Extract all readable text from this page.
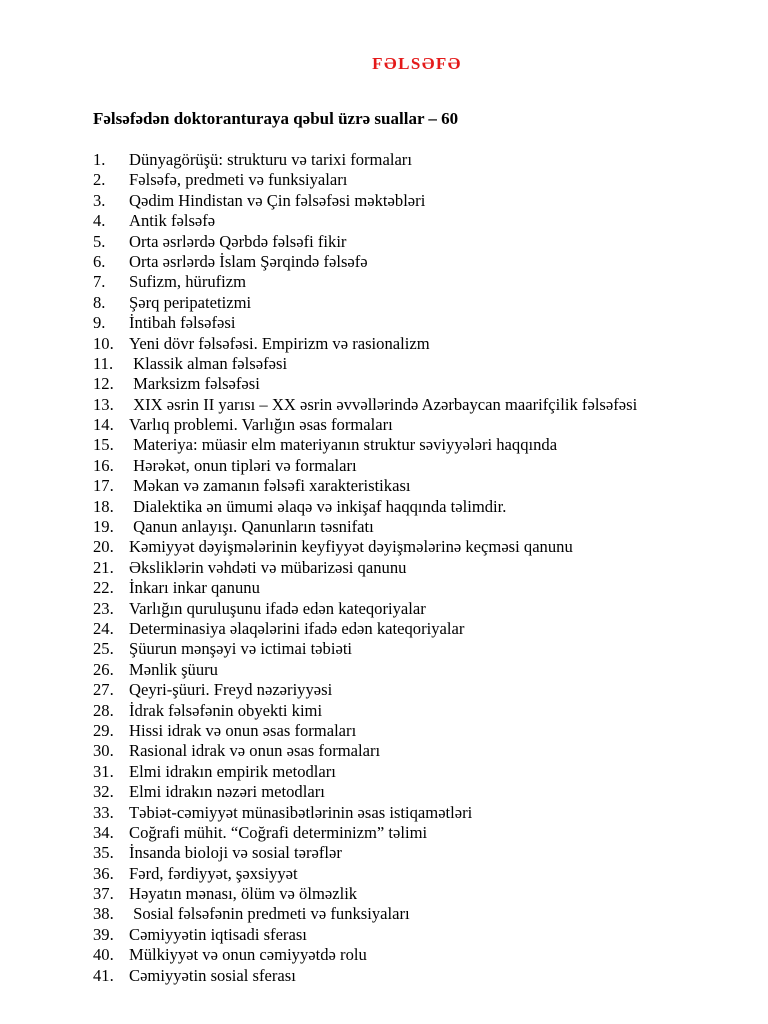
FƏLSƏFƏ
Fəlsəfədən doktoranturaya qəbul üzrə suallar – 60
1.	Dünyagörüşü: strukturu və tarixi formaları
2.	Fəlsəfə, predmeti və funksiyaları
3.	Qədim Hindistan və Çin fəlsəfəsi məktəbləri
4.	Antik fəlsəfə
5.	Orta əsrlərdə Qərbdə fəlsəfi fikir
6.	Orta əsrlərdə İslam Şərqində fəlsəfə
7.	Sufizm, hürufizm
8.	Şərq peripatetizmi
9.	İntibah fəlsəfəsi
10. Yeni dövr fəlsəfəsi. Empirizm və rasionalizm
11. Klassik alman fəlsəfəsi
12. Marksizm fəlsəfəsi
13. XIX əsrin II yarısı – XX əsrin əvvəllərində Azərbaycan maarifçilik fəlsəfəsi
14. Varlıq problemi. Varlığın əsas formaları
15. Materiya: müasir elm materiyanın struktur səviyyələri haqqında
16. Hərəkət, onun tipləri və formaları
17. Məkan və zamanın fəlsəfi xarakteristikası
18. Dialektika ən ümumi əlaqə və inkişaf haqqında təlimdir.
19. Qanun anlayışı. Qanunların təsnifatı
20. Kəmiyyət dəyişmələrinin keyfiyyət dəyişmələrinə keçməsi qanunu
21. Əksliklərin vəhdəti və mübarizəsi qanunu
22. İnkarı inkar qanunu
23. Varlığın quruluşunu ifadə edən kateqoriyalar
24. Determinasiya əlaqələrini ifadə edən kateqoriyalar
25. Şüurun mənşəyi və ictimai təbiəti
26. Mənlik şüuru
27. Qeyri-şüuri. Freyd nəzəriyyəsi
28. İdrak fəlsəfənin obyekti kimi
29. Hissi idrak və onun əsas formaları
30. Rasional idrak və onun əsas formaları
31. Elmi idrakın empirik metodları
32. Elmi idrakın nəzəri metodları
33. Təbiət-cəmiyyət münasibətlərinin əsas istiqamətləri
34. Coğrafi mühit. “Coğrafi determinizm” təlimi
35. İnsanda bioloji və sosial tərəflər
36. Fərd, fərdiyyət, şəxsiyyət
37. Həyatın mənası, ölüm və ölməzlik
38. Sosial fəlsəfənin predmeti və funksiyaları
39. Cəmiyyətin iqtisadi sferası
40. Mülkiyyət və onun cəmiyyətdə rolu
41. Cəmiyyətin sosial sferası
